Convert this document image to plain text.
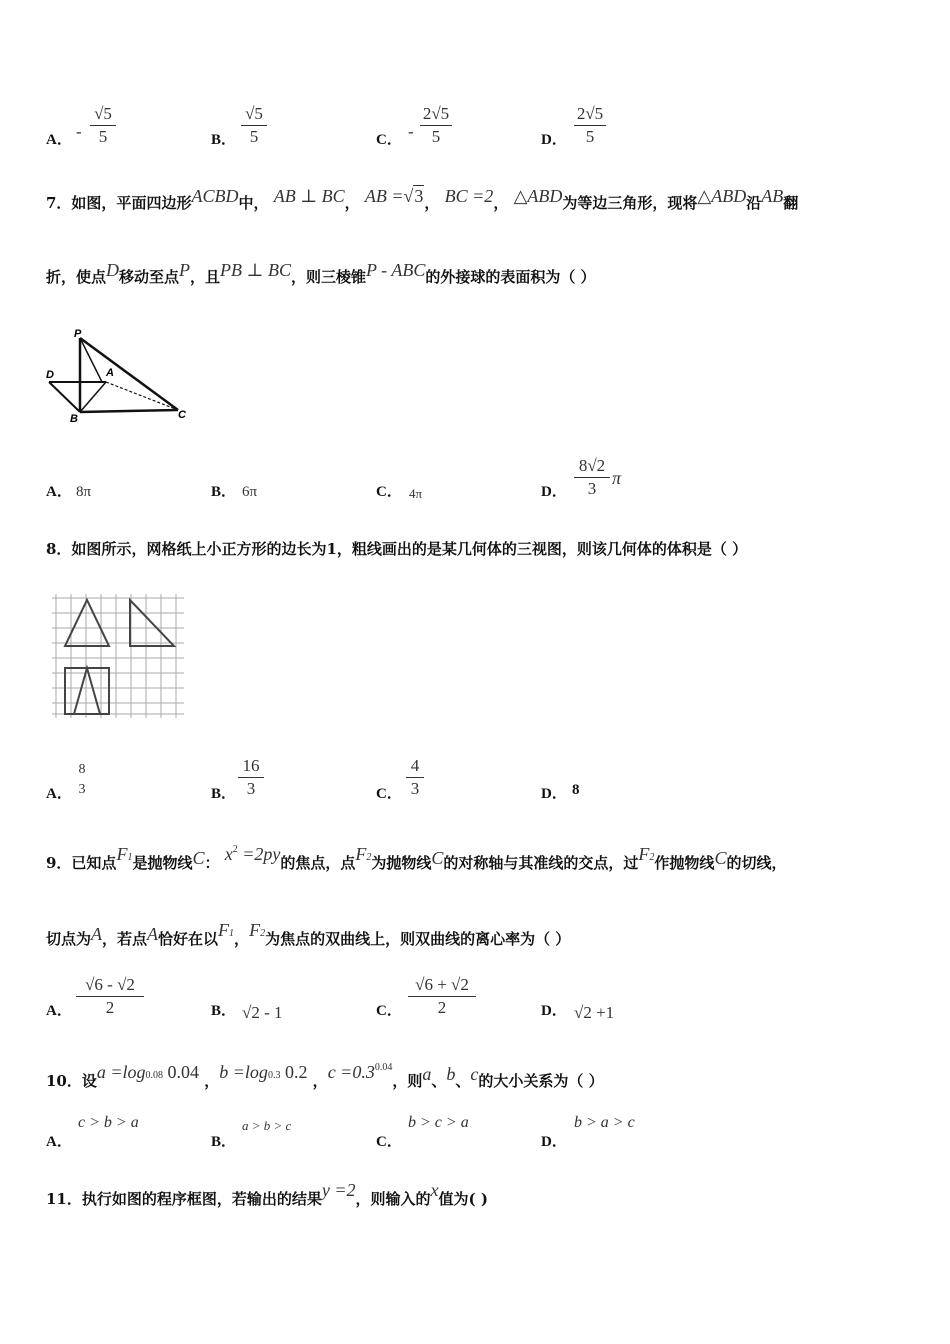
A． -
√5
5	B．
√5
5	C． -
2√5
5	D．
2√5
5
7．如图，平面四边形ACBD中， AB ⊥ BC， AB =√3， BC =2， △ABD为等边三角形，现将△ABD沿AB翻
折，使点D移动至点P，且PB ⊥ BC，则三棱锥P - ABC的外接球的表面积为（ ）
P
D	A
B	C
A． 8π	B． 6π	C． 4π	D．
8√2
3
π
8．如图所示，网格纸上小正方形的边长为1，粗线画出的是某几何体的三视图，则该几何体的体积是（ ）
A．
8
3	B．
16
3	C．
4
3	D． 8
9．已知点F1是抛物线C： $x^2 =2py$的焦点，点F2为抛物线C的对称轴与其准线的交点，过F2作抛物线C的切线，
切点为A，若点A恰好在以F1，F2为焦点的双曲线上，则双曲线的离心率为（ ）
A．
√6 - √2
2	B． √2 - 1	C．
√6 + √2
2	D． √2 +1
10．设a =log0.08 0.04 ，b =log0.3 0.2 ，$c =0.3^{0.04}$，则a、b、c的大小关系为（ ）
A．
c > b > a
B．
a > b > c
C．
b > c > a
D．
b > a > c
11．执行如图的程序框图，若输出的结果y =2，则输入的x值为( )
